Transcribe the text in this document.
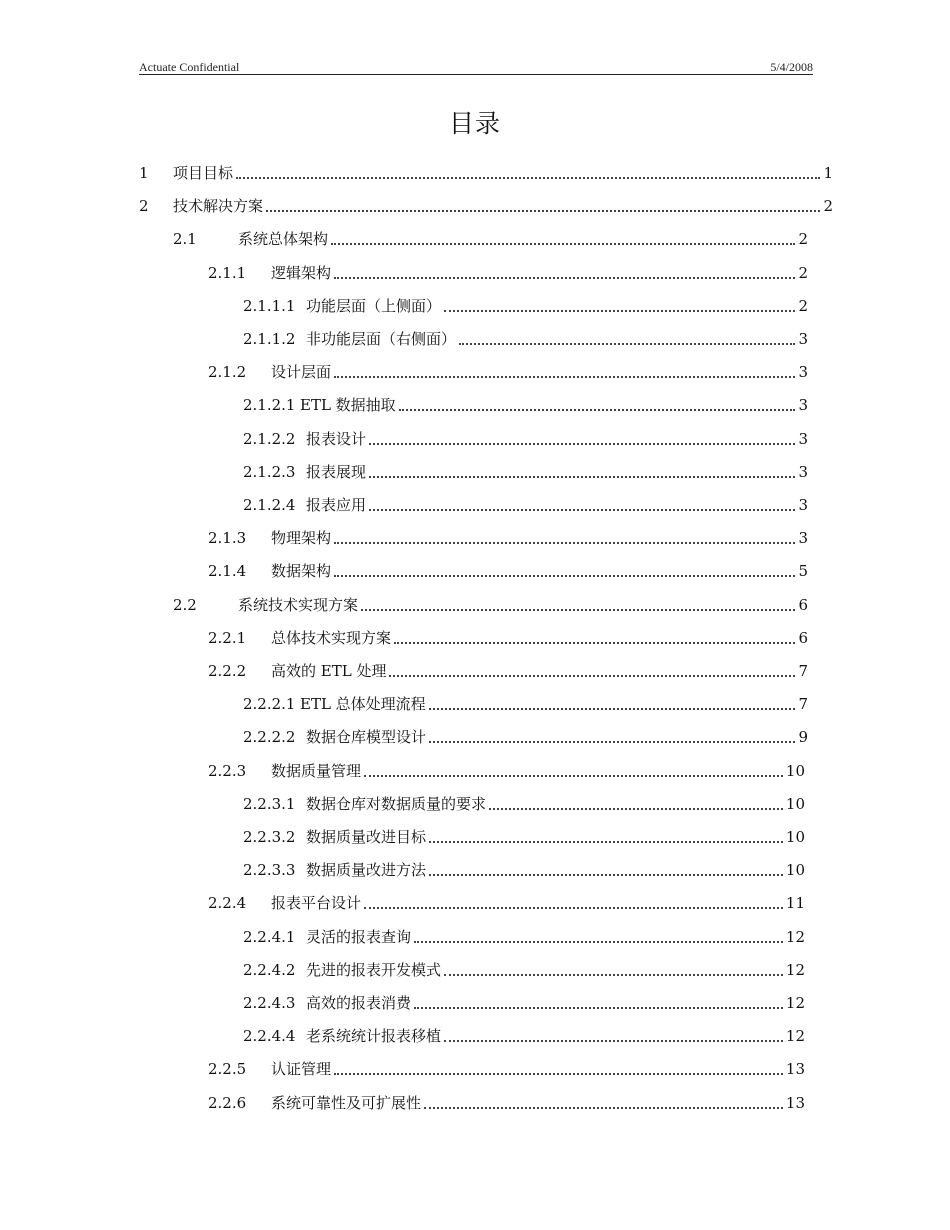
Actuate Confidential	5/4/2008
目录
1	项目目标	1
2	技术解决方案	2
2.1	系统总体架构	2
2.1.1	逻辑架构	2
2.1.1.1 功能层面（上侧面）	2
2.1.1.2 非功能层面（右侧面）	3
2.1.2	设计层面	3
2.1.2.1 ETL 数据抽取	3
2.1.2.2 报表设计	3
2.1.2.3 报表展现	3
2.1.2.4 报表应用	3
2.1.3	物理架构	3
2.1.4	数据架构	5
2.2	系统技术实现方案	6
2.2.1	总体技术实现方案	6
2.2.2	高效的 ETL 处理	7
2.2.2.1 ETL 总体处理流程	7
2.2.2.2 数据仓库模型设计	9
2.2.3	数据质量管理	10
2.2.3.1 数据仓库对数据质量的要求	10
2.2.3.2 数据质量改进目标	10
2.2.3.3 数据质量改进方法	10
2.2.4	报表平台设计	11
2.2.4.1 灵活的报表查询	12
2.2.4.2 先进的报表开发模式	12
2.2.4.3 高效的报表消费	12
2.2.4.4 老系统统计报表移植	12
2.2.5	认证管理	13
2.2.6	系统可靠性及可扩展性	13
